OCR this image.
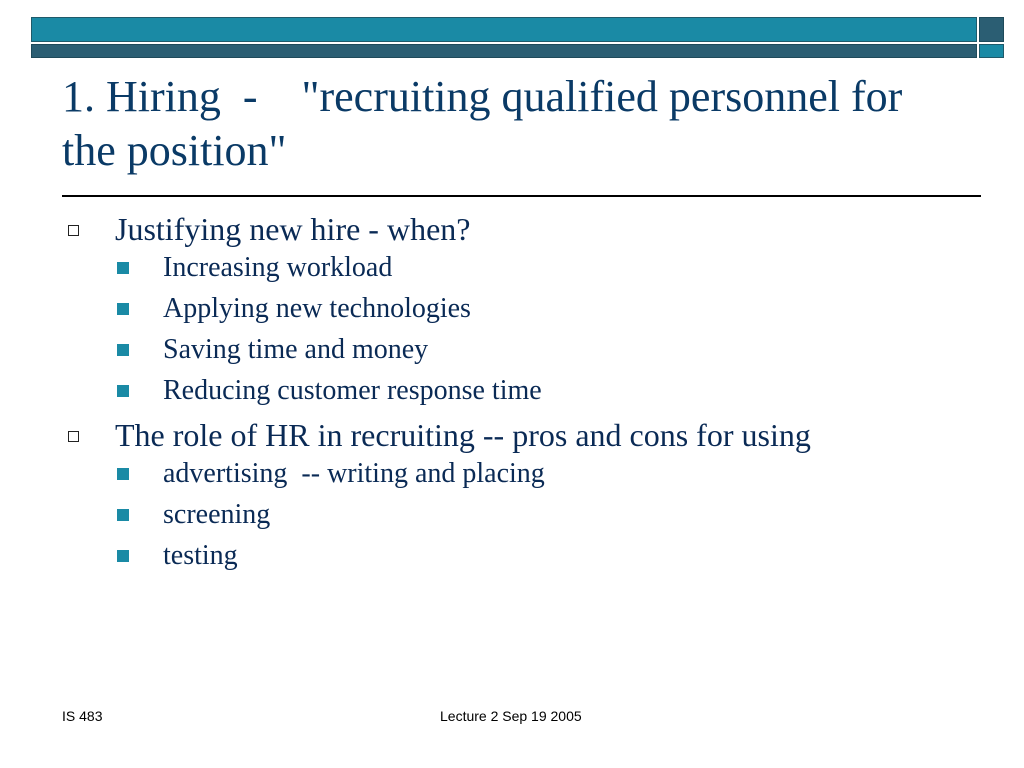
1. Hiring  -    "recruiting qualified personnel for the position"
Justifying new hire - when?
Increasing workload
Applying new technologies
Saving time and money
Reducing customer response time
The role of HR in recruiting -- pros and cons for using
advertising  -- writing and placing
screening
testing
IS 483	Lecture 2 Sep 19 2005
